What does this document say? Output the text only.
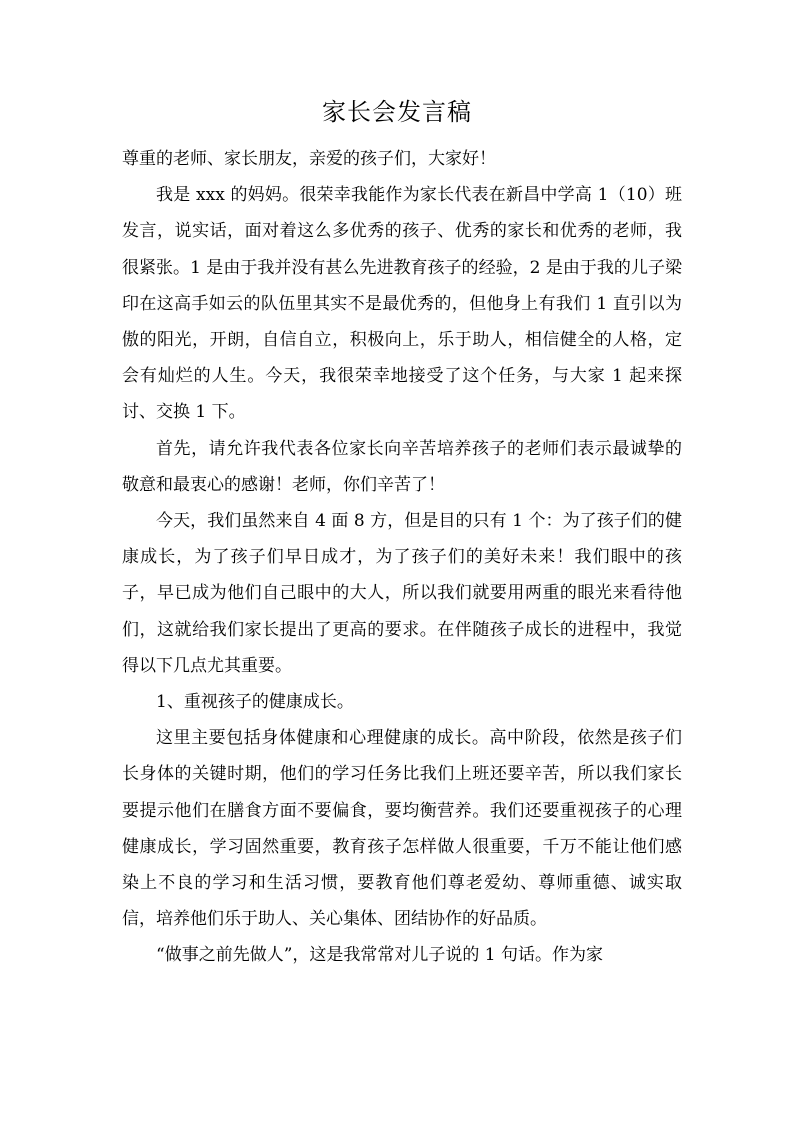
家长会发言稿

尊重的老师、家长朋友，亲爱的孩子们，大家好！

我是 xxx 的妈妈。很荣幸我能作为家长代表在新昌中学高 1（10）班发言，说实话，面对着这么多优秀的孩子、优秀的家长和优秀的老师，我很紧张。1 是由于我并没有甚么先进教育孩子的经验，2 是由于我的儿子梁印在这高手如云的队伍里其实不是最优秀的，但他身上有我们 1 直引以为傲的阳光，开朗，自信自立，积极向上，乐于助人，相信健全的人格，定会有灿烂的人生。今天，我很荣幸地接受了这个任务，与大家 1 起来探讨、交换 1 下。

首先，请允许我代表各位家长向辛苦培养孩子的老师们表示最诚挚的敬意和最衷心的感谢！老师，你们辛苦了！

今天，我们虽然来自 4 面 8 方，但是目的只有 1 个：为了孩子们的健康成长，为了孩子们早日成才，为了孩子们的美好未来！我们眼中的孩子，早已成为他们自己眼中的大人，所以我们就要用两重的眼光来看待他们，这就给我们家长提出了更高的要求。在伴随孩子成长的进程中，我觉得以下几点尤其重要。

1、重视孩子的健康成长。

这里主要包括身体健康和心理健康的成长。高中阶段，依然是孩子们长身体的关键时期，他们的学习任务比我们上班还要辛苦，所以我们家长要提示他们在膳食方面不要偏食，要均衡营养。我们还要重视孩子的心理健康成长，学习固然重要，教育孩子怎样做人很重要，千万不能让他们感染上不良的学习和生活习惯，要教育他们尊老爱幼、尊师重德、诚实取信，培养他们乐于助人、关心集体、团结协作的好品质。

“做事之前先做人”，这是我常常对儿子说的 1 句话。作为家
